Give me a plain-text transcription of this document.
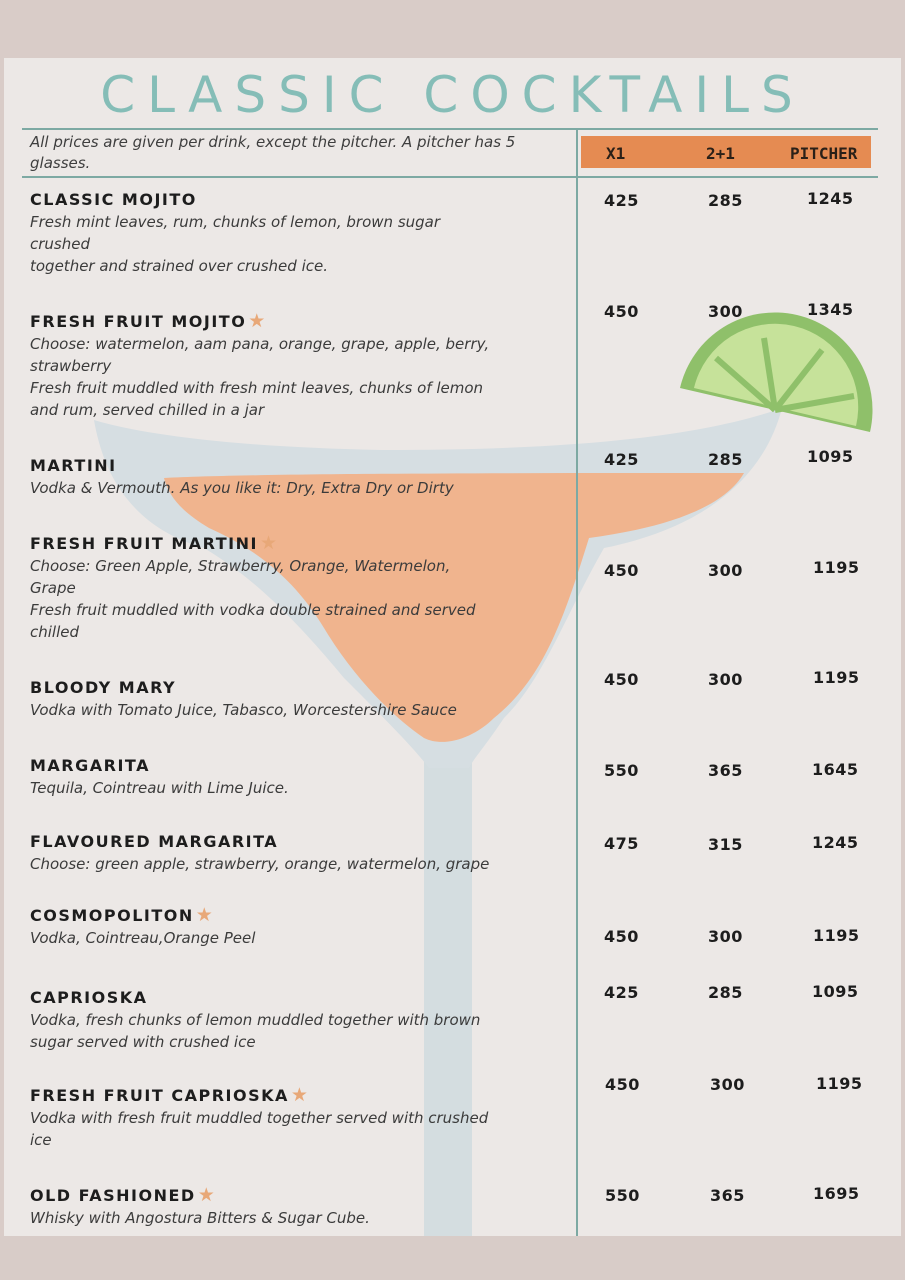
CLASSIC COCKTAILS
All prices are given per drink, except the pitcher. A pitcher has 5 glasses.	X1	2+1	PITCHER
CLASSIC MOJITO
Fresh mint leaves, rum, chunks of lemon, brown sugar
crushed
together and strained over crushed ice.
425	285	1245
FRESH FRUIT MOJITO ★
Choose: watermelon, aam pana, orange, grape, apple, berry,
strawberry
Fresh fruit muddled with fresh mint leaves, chunks of lemon
and rum, served chilled in a jar
450	300	1345
MARTINI
Vodka & Vermouth. As you like it: Dry, Extra Dry or Dirty
425	285	1095
FRESH FRUIT MARTINI ★
Choose: Green Apple, Strawberry, Orange, Watermelon,
Grape
Fresh fruit muddled with vodka double strained and served
chilled
450	300	1195
BLOODY MARY
Vodka with Tomato Juice, Tabasco, Worcestershire Sauce
450	300	1195
MARGARITA
Tequila, Cointreau with Lime Juice.
550	365	1645
FLAVOURED MARGARITA
Choose: green apple, strawberry, orange, watermelon, grape
475	315	1245
COSMOPOLITON ★
Vodka, Cointreau,Orange Peel	450	300	1195
CAPRIOSKA
Vodka, fresh chunks of lemon muddled together with brown
sugar served with crushed ice
425	285	1095
FRESH FRUIT CAPRIOSKA ★
Vodka with fresh fruit muddled together served with crushed
ice
450	300	1195
OLD FASHIONED ★
Whisky with Angostura Bitters & Sugar Cube.
550	365	1695
